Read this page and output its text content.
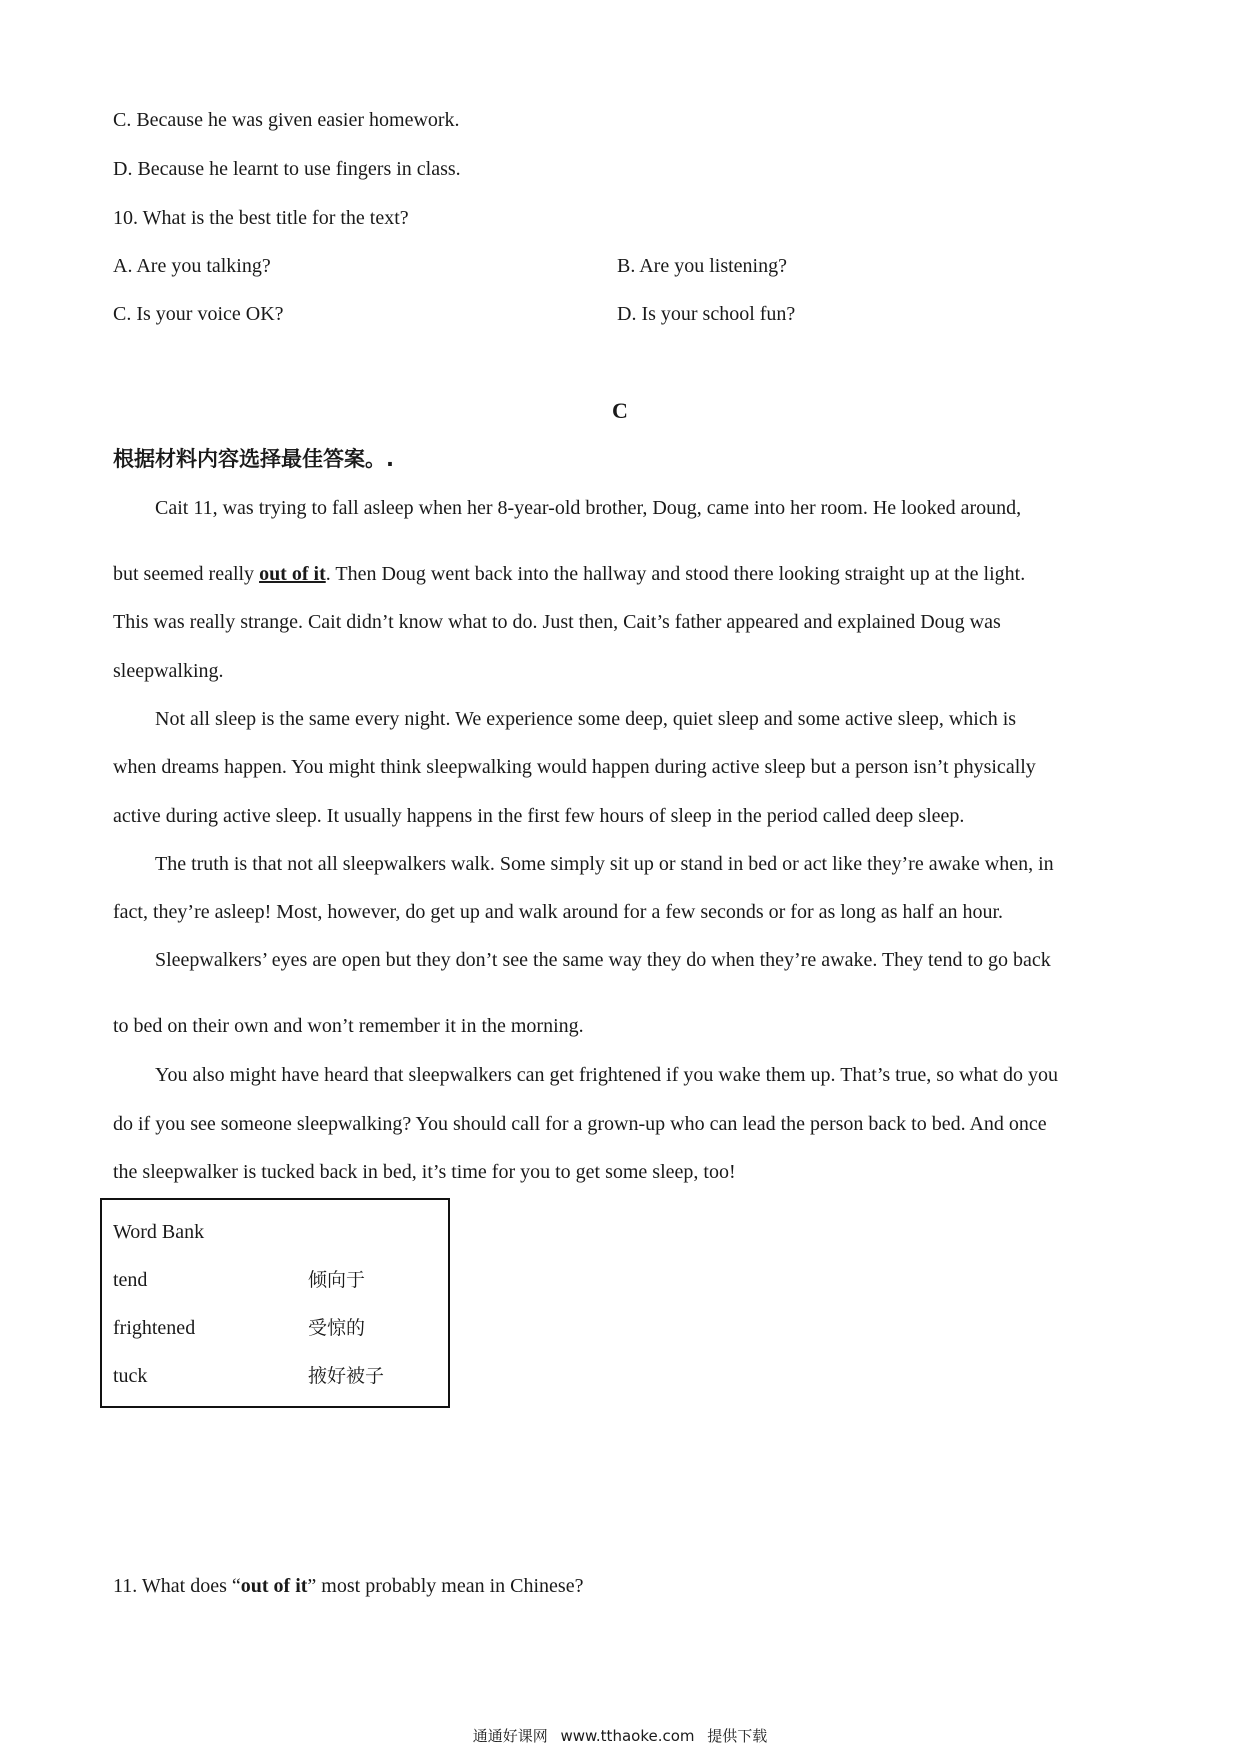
C. Because he was given easier homework.
D. Because he learnt to use fingers in class.
10. What is the best title for the text?
A. Are you talking?	B. Are you listening?
C. Is your voice OK?	D. Is your school fun?
C
根据材料内容选择最佳答案。.
Cait 11, was trying to fall asleep when her 8-year-old brother, Doug, came into her room. He looked around,
but seemed really out of it. Then Doug went back into the hallway and stood there looking straight up at the light.
This was really strange. Cait didn’t know what to do. Just then, Cait’s father appeared and explained Doug was
sleepwalking.
Not all sleep is the same every night. We experience some deep, quiet sleep and some active sleep, which is
when dreams happen. You might think sleepwalking would happen during active sleep but a person isn’t physically
active during active sleep. It usually happens in the first few hours of sleep in the period called deep sleep.
The truth is that not all sleepwalkers walk. Some simply sit up or stand in bed or act like they’re awake when, in
fact, they’re asleep! Most, however, do get up and walk around for a few seconds or for as long as half an hour.
Sleepwalkers’ eyes are open but they don’t see the same way they do when they’re awake. They tend to go back
to bed on their own and won’t remember it in the morning.
You also might have heard that sleepwalkers can get frightened if you wake them up. That’s true, so what do you
do if you see someone sleepwalking? You should call for a grown-up who can lead the person back to bed. And once
the sleepwalker is tucked back in bed, it’s time for you to get some sleep, too!
Word Bank
tend	倾向于
frightened	受惊的
tuck	掖好被子
11. What does “out of it” most probably mean in Chinese?
通通好课网 www.tthaoke.com 提供下载
